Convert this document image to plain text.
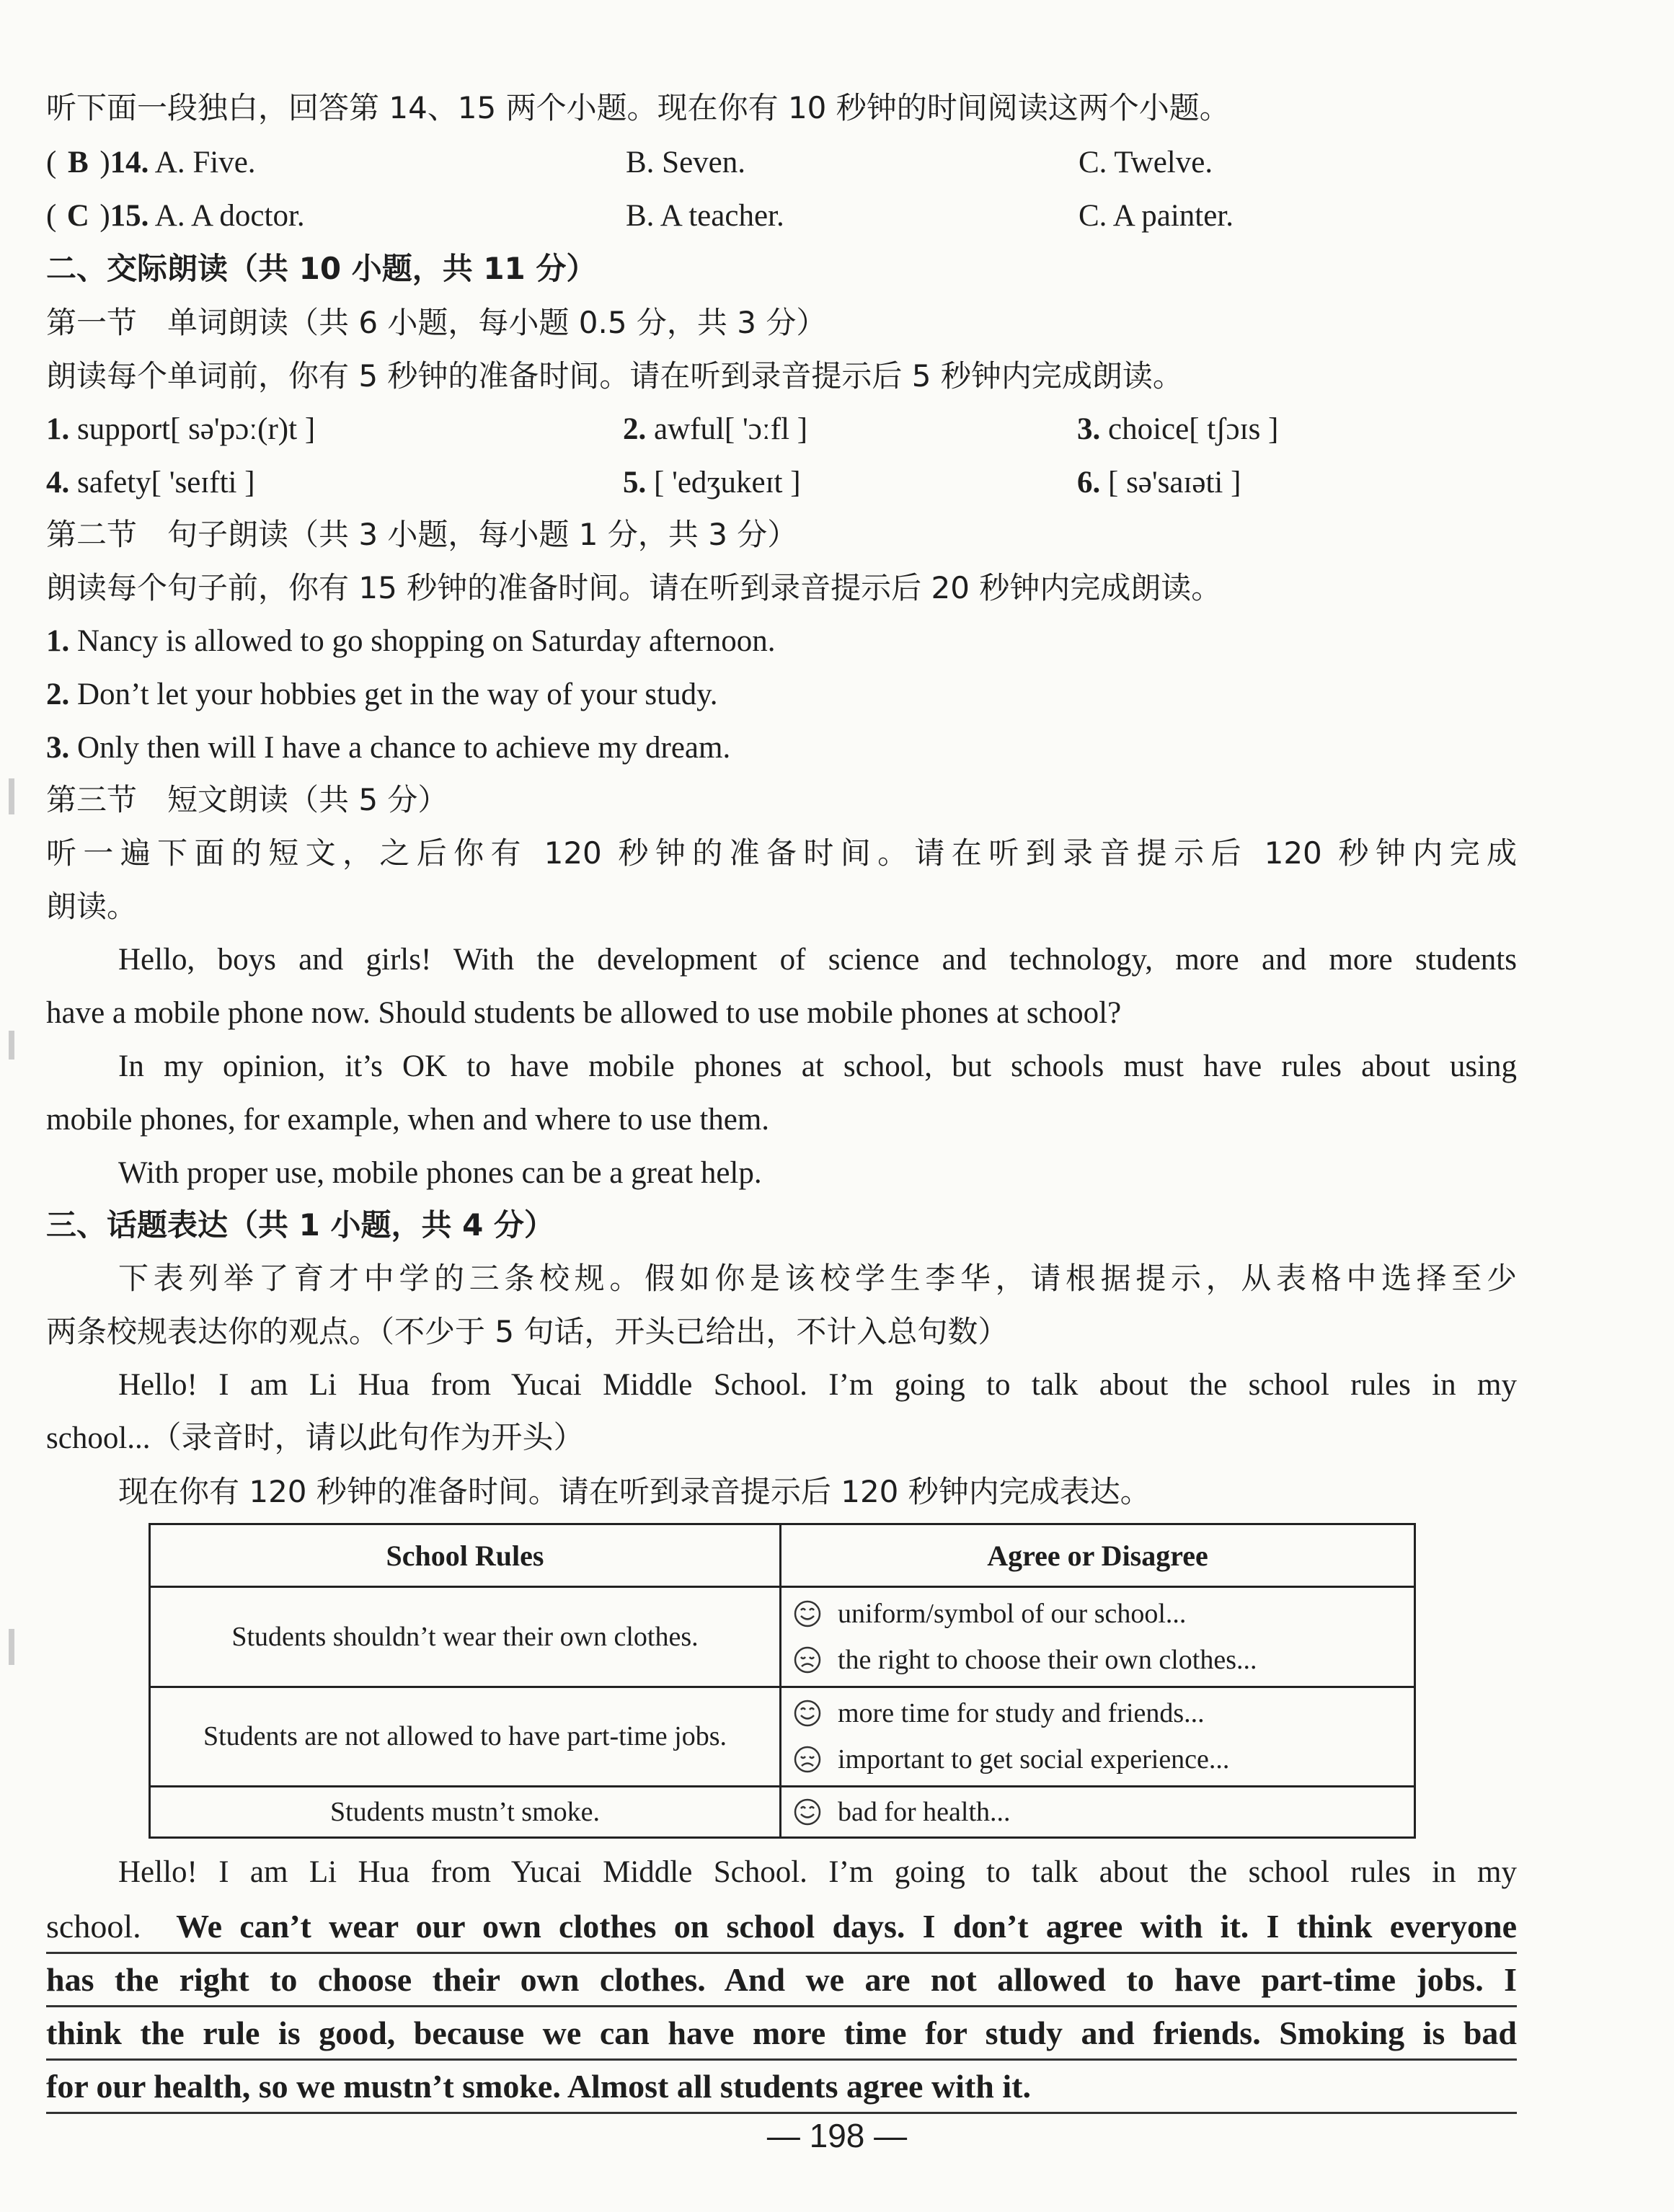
听下面一段独白，回答第 14、15 两个小题。现在你有 10 秒钟的时间阅读这两个小题。
( B )14. A. Five.	B. Seven.	C. Twelve.
( C )15. A. A doctor.	B. A teacher.	C. A painter.
二、交际朗读（共 10 小题，共 11 分）
第一节　单词朗读（共 6 小题，每小题 0.5 分，共 3 分）
朗读每个单词前，你有 5 秒钟的准备时间。请在听到录音提示后 5 秒钟内完成朗读。
1. support[ sə'pɔː(r)t ]	2. awful[ 'ɔːfl ]	3. choice[ tʃɔɪs ]
4. safety[ 'seɪfti ]	5. [ 'edʒukeɪt ]	6. [ sə'saɪəti ]
第二节　句子朗读（共 3 小题，每小题 1 分，共 3 分）
朗读每个句子前，你有 15 秒钟的准备时间。请在听到录音提示后 20 秒钟内完成朗读。
1. Nancy is allowed to go shopping on Saturday afternoon.
2. Don’t let your hobbies get in the way of your study.
3. Only then will I have a chance to achieve my dream.
第三节　短文朗读（共 5 分）
听一遍下面的短文，之后你有 120 秒钟的准备时间。请在听到录音提示后 120 秒钟内完成
朗读。
Hello, boys and girls! With the development of science and technology, more and more students
have a mobile phone now. Should students be allowed to use mobile phones at school?
In my opinion, it’s OK to have mobile phones at school, but schools must have rules about using
mobile phones, for example, when and where to use them.
With proper use, mobile phones can be a great help.
三、话题表达（共 1 小题，共 4 分）
下表列举了育才中学的三条校规。假如你是该校学生李华，请根据提示，从表格中选择至少
两条校规表达你的观点。（不少于 5 句话，开头已给出，不计入总句数）
Hello! I am Li Hua from Yucai Middle School. I’m going to talk about the school rules in my
school...（录音时，请以此句作为开头）
现在你有 120 秒钟的准备时间。请在听到录音提示后 120 秒钟内完成表达。
School Rules	Agree or Disagree
Students shouldn’t wear their own clothes.	uniform/symbol of our school...
the right to choose their own clothes...

Students are not allowed to have part-time jobs.	more time for study and friends...
important to get social experience...

Students mustn’t smoke.	bad for health...
Hello! I am Li Hua from Yucai Middle School. I’m going to talk about the school rules in my
school. We can’t wear our own clothes on school days. I don’t agree with it. I think everyone
has the right to choose their own clothes. And we are not allowed to have part-time jobs. I
think the rule is good, because we can have more time for study and friends. Smoking is bad
for our health, so we mustn’t smoke. Almost all students agree with it.
— 198 —
